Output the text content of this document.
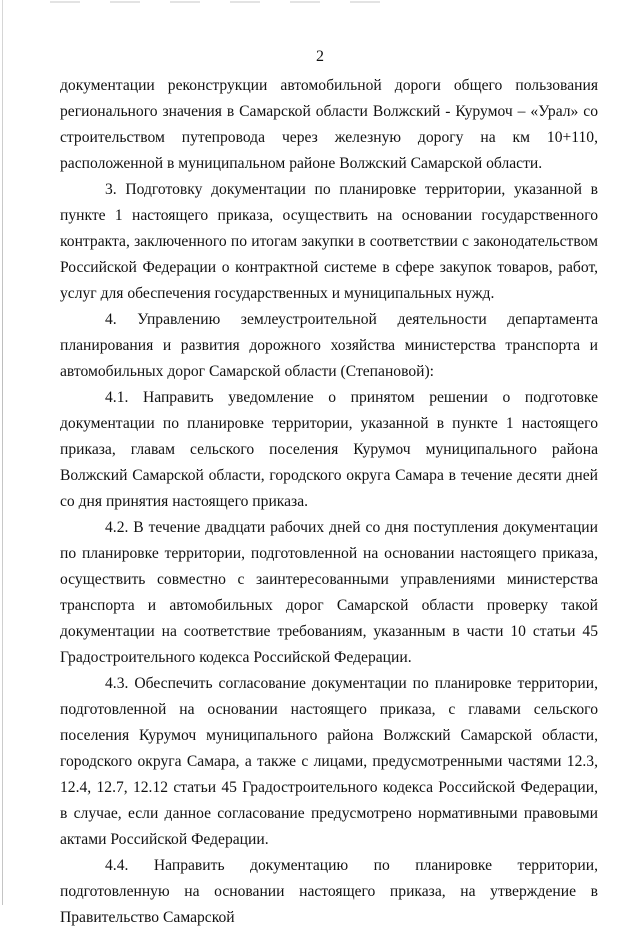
2

документации реконструкции автомобильной дороги общего пользования регионального значения в Самарской области Волжский - Курумоч – «Урал» со строительством путепровода через железную дорогу на км 10+110, расположенной в муниципальном районе Волжский Самарской области.

3. Подготовку документации по планировке территории, указанной в пункте 1 настоящего приказа, осуществить на основании государственного контракта, заключенного по итогам закупки в соответствии с законодательством Российской Федерации о контрактной системе в сфере закупок товаров, работ, услуг для обеспечения государственных и муниципальных нужд.

4. Управлению землеустроительной деятельности департамента планирования и развития дорожного хозяйства министерства транспорта и автомобильных дорог Самарской области (Степановой):

4.1. Направить уведомление о принятом решении о подготовке документации по планировке территории, указанной в пункте 1 настоящего приказа, главам сельского поселения Курумоч муниципального района Волжский Самарской области, городского округа Самара в течение десяти дней со дня принятия настоящего приказа.

4.2. В течение двадцати рабочих дней со дня поступления документации по планировке территории, подготовленной на основании настоящего приказа, осуществить совместно с заинтересованными управлениями министерства транспорта и автомобильных дорог Самарской области проверку такой документации на соответствие требованиям, указанным в части 10 статьи 45 Градостроительного кодекса Российской Федерации.

4.3. Обеспечить согласование документации по планировке территории, подготовленной на основании настоящего приказа, с главами сельского поселения Курумоч муниципального района Волжский Самарской области, городского округа Самара, а также с лицами, предусмотренными частями 12.3, 12.4, 12.7, 12.12 статьи 45 Градостроительного кодекса Российской Федерации, в случае, если данное согласование предусмотрено нормативными правовыми актами Российской Федерации.

4.4. Направить документацию по планировке территории, подготовленную на основании настоящего приказа, на утверждение в Правительство Самарской
